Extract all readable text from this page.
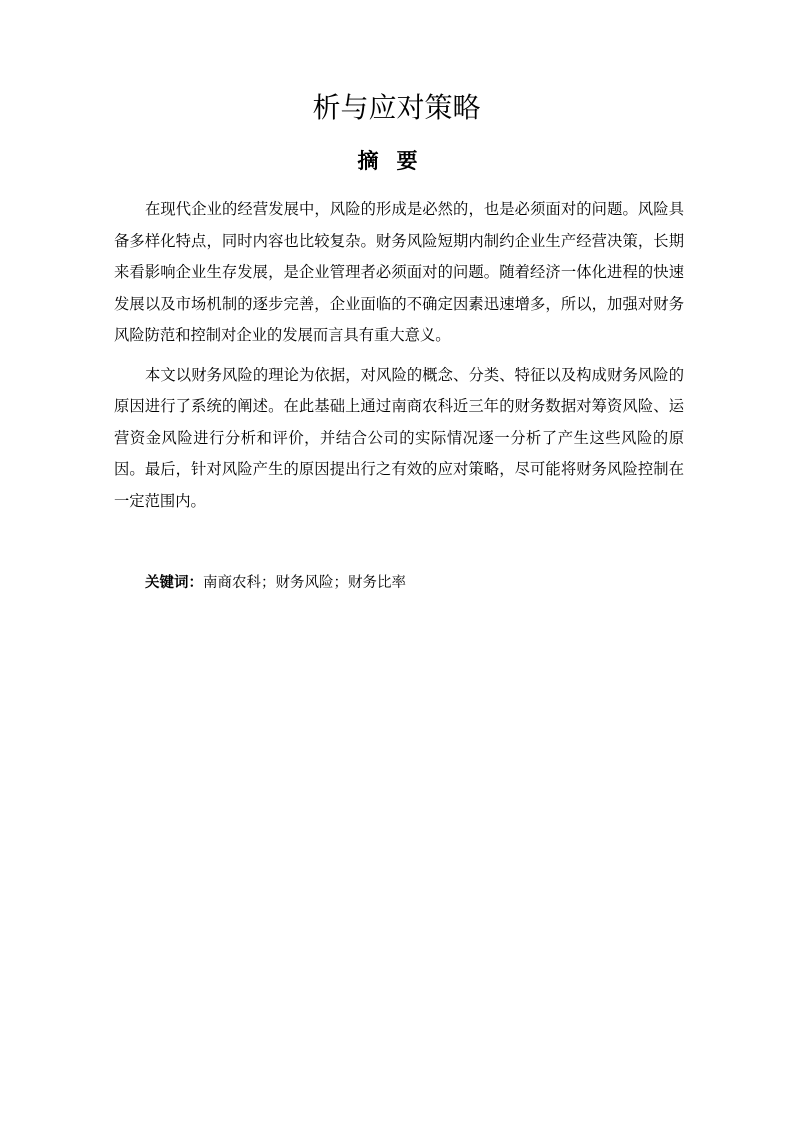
析与应对策略
摘要

在现代企业的经营发展中，风险的形成是必然的，也是必须面对的问题。风险具备多样化特点，同时内容也比较复杂。财务风险短期内制约企业生产经营决策，长期来看影响企业生存发展，是企业管理者必须面对的问题。随着经济一体化进程的快速发展以及市场机制的逐步完善，企业面临的不确定因素迅速增多，所以，加强对财务风险防范和控制对企业的发展而言具有重大意义。

本文以财务风险的理论为依据，对风险的概念、分类、特征以及构成财务风险的原因进行了系统的阐述。在此基础上通过南商农科近三年的财务数据对筹资风险、运营资金风险进行分析和评价，并结合公司的实际情况逐一分析了产生这些风险的原因。最后，针对风险产生的原因提出行之有效的应对策略，尽可能将财务风险控制在一定范围内。

关键词：南商农科；财务风险；财务比率
